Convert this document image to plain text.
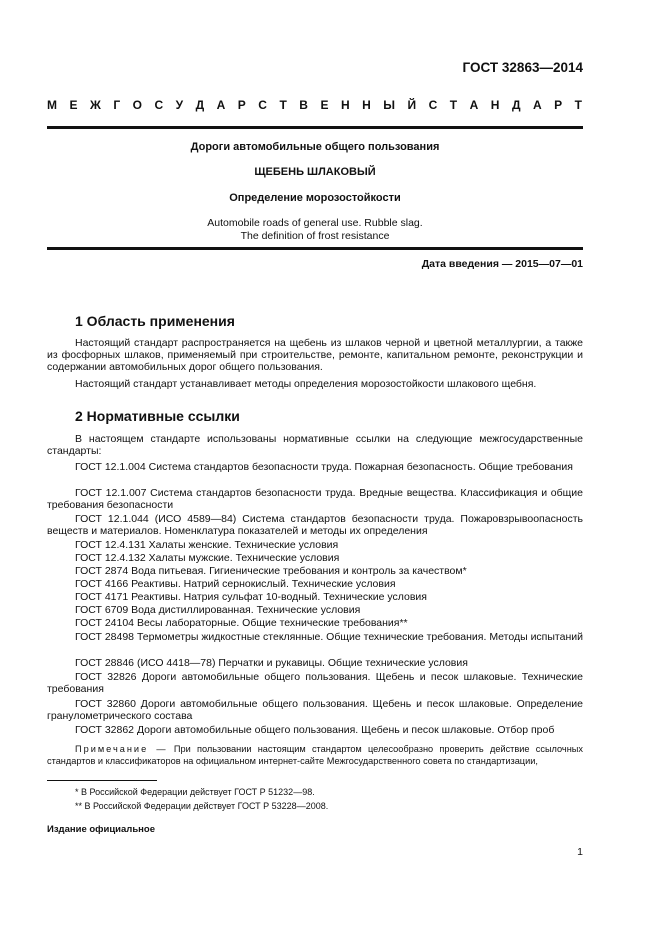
ГОСТ 32863—2014
М Е Ж Г О С У Д А Р С Т В Е Н Н Ы Й С Т А Н Д А Р Т
Дороги автомобильные общего пользования
ЩЕБЕНЬ ШЛАКОВЫЙ
Определение морозостойкости
Automobile roads of general use. Rubble slag.
The definition of frost resistance
Дата введения — 2015—07—01
1 Область применения
Настоящий стандарт распространяется на щебень из шлаков черной и цветной металлургии, а также из фосфорных шлаков, применяемый при строительстве, ремонте, капитальном ремонте, реконструкции и содержании автомобильных дорог общего пользования.
Настоящий стандарт устанавливает методы определения морозостойкости шлакового щебня.
2 Нормативные ссылки
В настоящем стандарте использованы нормативные ссылки на следующие межгосударственные стандарты:
ГОСТ 12.1.004 Система стандартов безопасности труда. Пожарная безопасность. Общие требования
ГОСТ 12.1.007 Система стандартов безопасности труда. Вредные вещества. Классификация и общие требования безопасности
ГОСТ 12.1.044 (ИСО 4589—84) Система стандартов безопасности труда. Пожаровзрывоопасность веществ и материалов. Номенклатура показателей и методы их определения
ГОСТ 12.4.131 Халаты женские. Технические условия
ГОСТ 12.4.132 Халаты мужские. Технические условия
ГОСТ 2874 Вода питьевая. Гигиенические требования и контроль за качеством*
ГОСТ 4166 Реактивы. Натрий сернокислый. Технические условия
ГОСТ 4171 Реактивы. Натрия сульфат 10-водный. Технические условия
ГОСТ 6709 Вода дистиллированная. Технические условия
ГОСТ 24104 Весы лабораторные. Общие технические требования**
ГОСТ 28498 Термометры жидкостные стеклянные. Общие технические требования. Методы испытаний
ГОСТ 28846 (ИСО 4418—78) Перчатки и рукавицы. Общие технические условия
ГОСТ 32826 Дороги автомобильные общего пользования. Щебень и песок шлаковые. Технические требования
ГОСТ 32860 Дороги автомобильные общего пользования. Щебень и песок шлаковые. Определение гранулометрического состава
ГОСТ 32862 Дороги автомобильные общего пользования. Щебень и песок шлаковые. Отбор проб
Примечание — При пользовании настоящим стандартом целесообразно проверить действие ссылочных стандартов и классификаторов на официальном интернет-сайте Межгосударственного совета по стандартизации,
* В Российской Федерации действует ГОСТ Р 51232—98.
** В Российской Федерации действует ГОСТ Р 53228—2008.
Издание официальное
1
